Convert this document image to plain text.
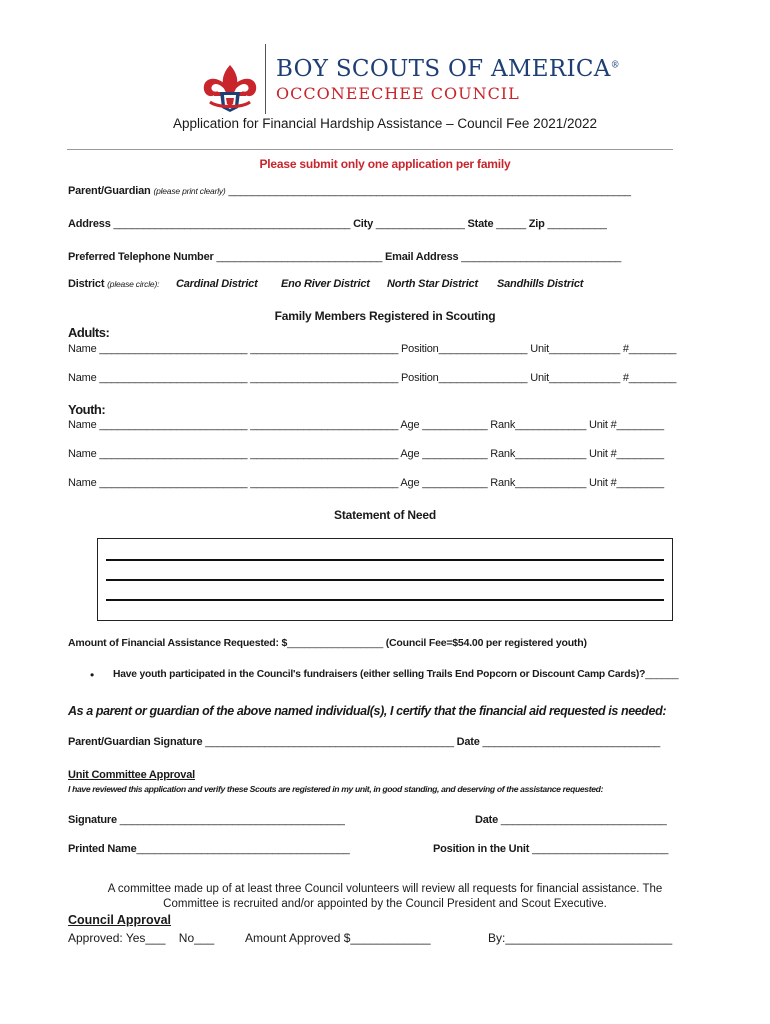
BOY SCOUTS OF AMERICA®
OCCONEECHEE COUNCIL
Application for Financial Hardship Assistance – Council Fee 2021/2022
Please submit only one application per family
Parent/Guardian (please print clearly) ____________________________________________________________________
Address ________________________________________ City _______________ State _____ Zip __________
Preferred Telephone Number ____________________________ Email Address ___________________________
District (please circle): Cardinal District Eno River District North Star District Sandhills District
Family Members Registered in Scouting
Adults:
Name _________________________ _________________________ Position_______________ Unit____________ #________
Name _________________________ _________________________ Position_______________ Unit____________ #________
Youth:
Name _________________________ _________________________ Age ___________ Rank____________ Unit #________
Name _________________________ _________________________ Age ___________ Rank____________ Unit #________
Name _________________________ _________________________ Age ___________ Rank____________ Unit #________
Statement of Need
Amount of Financial Assistance Requested: $_________________ (Council Fee=$54.00 per registered youth)
• Have youth participated in the Council's fundraisers (either selling Trails End Popcorn or Discount Camp Cards)?______
As a parent or guardian of the above named individual(s), I certify that the financial aid requested is needed:
Parent/Guardian Signature __________________________________________ Date ______________________________
Unit Committee Approval
I have reviewed this application and verify these Scouts are registered in my unit, in good standing, and deserving of the assistance requested:
Signature ______________________________________	Date ____________________________
Printed Name____________________________________	Position in the Unit _______________________
A committee made up of at least three Council volunteers will review all requests for financial assistance. The
Committee is recruited and/or appointed by the Council President and Scout Executive.
Council Approval
Approved: Yes___ No___	Amount Approved $____________	By:_________________________
